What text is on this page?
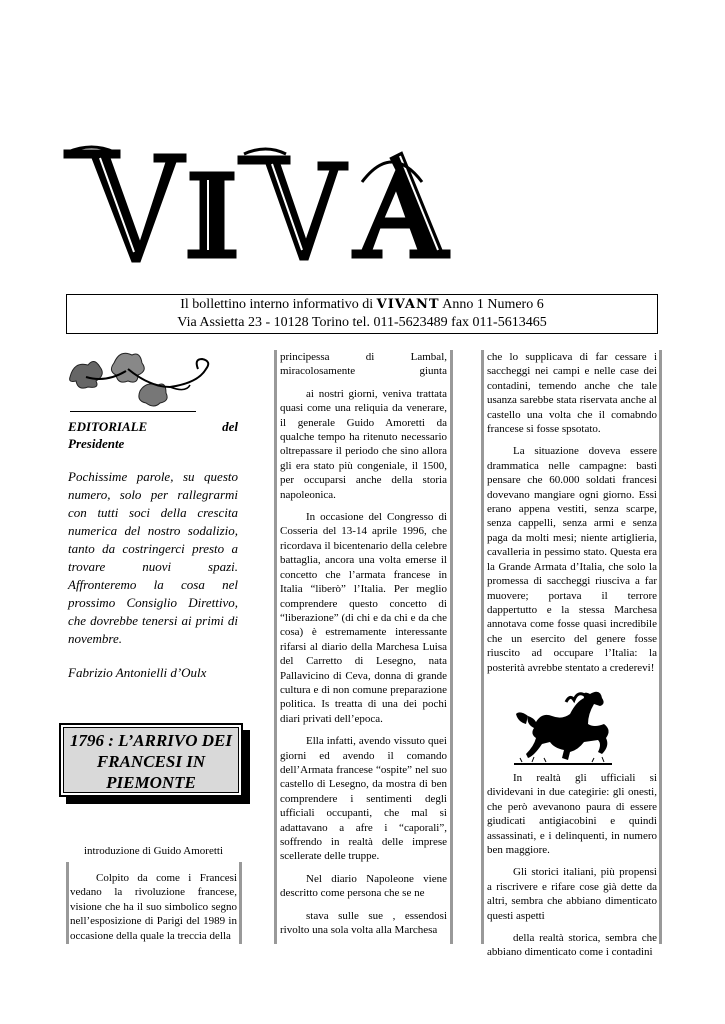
Il bollettino interno informativo di VIVANT Anno 1 Numero 6
Via Assietta 23 - 10128 Torino tel. 011-5623489 fax 011-5613465
EDITORIALE	del
Presidente
Pochissime parole, su questo numero, solo per rallegrarmi con tutti soci della crescita numerica del nostro sodalizio, tanto da costringerci presto a trovare nuovi spazi. Affronteremo la cosa nel prossimo Consiglio Direttivo, che dovrebbe tenersi ai primi di novembre.
Fabrizio Antonielli d’Oulx
1796 : L’ARRIVO DEI FRANCESI IN PIEMONTE
introduzione di Guido Amoretti

Colpito da come i Francesi vedano la rivoluzione francese, visione che ha il suo simbolico segno nell’esposizione di Parigi del 1989 in occasione della quale la treccia della

principessa di Lambal, miracolosamente giunta

ai nostri giorni, veniva trattata quasi come una reliquia da venerare, il generale Guido Amoretti da qualche tempo ha ritenuto necessario oltrepassare il periodo che sino allora gli era stato più congeniale, il 1500, per occuparsi anche della storia napoleonica.

In occasione del Congresso di Cosseria del 13-14 aprile 1996, che ricordava il bicentenario della celebre battaglia, ancora una volta emerse il concetto che l’armata francese in Italia “liberò” l’Italia. Per meglio comprendere questo concetto di “liberazione” (di chi e da chi e da che cosa) è estremamente interessante rifarsi al diario della Marchesa Luisa del Carretto di Lesegno, nata Pallavicino di Ceva, donna di grande cultura e di non comune preparazione politica. Is treatta di una dei pochi diari privati dell’epoca.

Ella infatti, avendo vissuto quei giorni ed avendo il comando dell’Armata francese “ospite” nel suo castello di Lesegno, da mostra di ben comprendere i sentimenti degli ufficiali occupanti, che mal si adattavano a afre i “caporali”, soffrendo in realtà delle imprese scellerate delle truppe.

Nel diario Napoleone viene descritto come persona che se ne

stava sulle sue , essendosi rivolto una sola volta alla Marchesa

che lo supplicava di far cessare i saccheggi nei campi e nelle case dei contadini, temendo anche che tale usanza sarebbe stata riservata anche al castello una volta che il comabndo francese si fosse spsotato.

La situazione doveva essere drammatica nelle campagne: basti pensare che 60.000 soldati francesi dovevano mangiare ogni giorno. Essi erano appena vestiti, senza scarpe, senza cappelli, senza armi e senza paga da molti mesi; niente artiglieria, cavalleria in pessimo stato. Questa era la Grande Armata d’Italia, che solo la promessa di saccheggi riusciva a far muovere; portava il terrore dappertutto e la stessa Marchesa annotava come fosse quasi incredibile che un esercito del genere fosse riuscito ad occupare l’Italia: la posterità avrebbe stentato a crederevi!

In realtà gli ufficiali si dividevani in due categirie: gli onesti, che però avevanono paura di essere giudicati antigiacobini e quindi assassinati, e i delinquenti, in numero ben maggiore.

Gli storici italiani, più propensi a riscrivere e rifare cose già dette da altri, sembra che abbiano dimenticato questi aspetti

della realtà storica, sembra che abbiano dimenticato come i contadini
